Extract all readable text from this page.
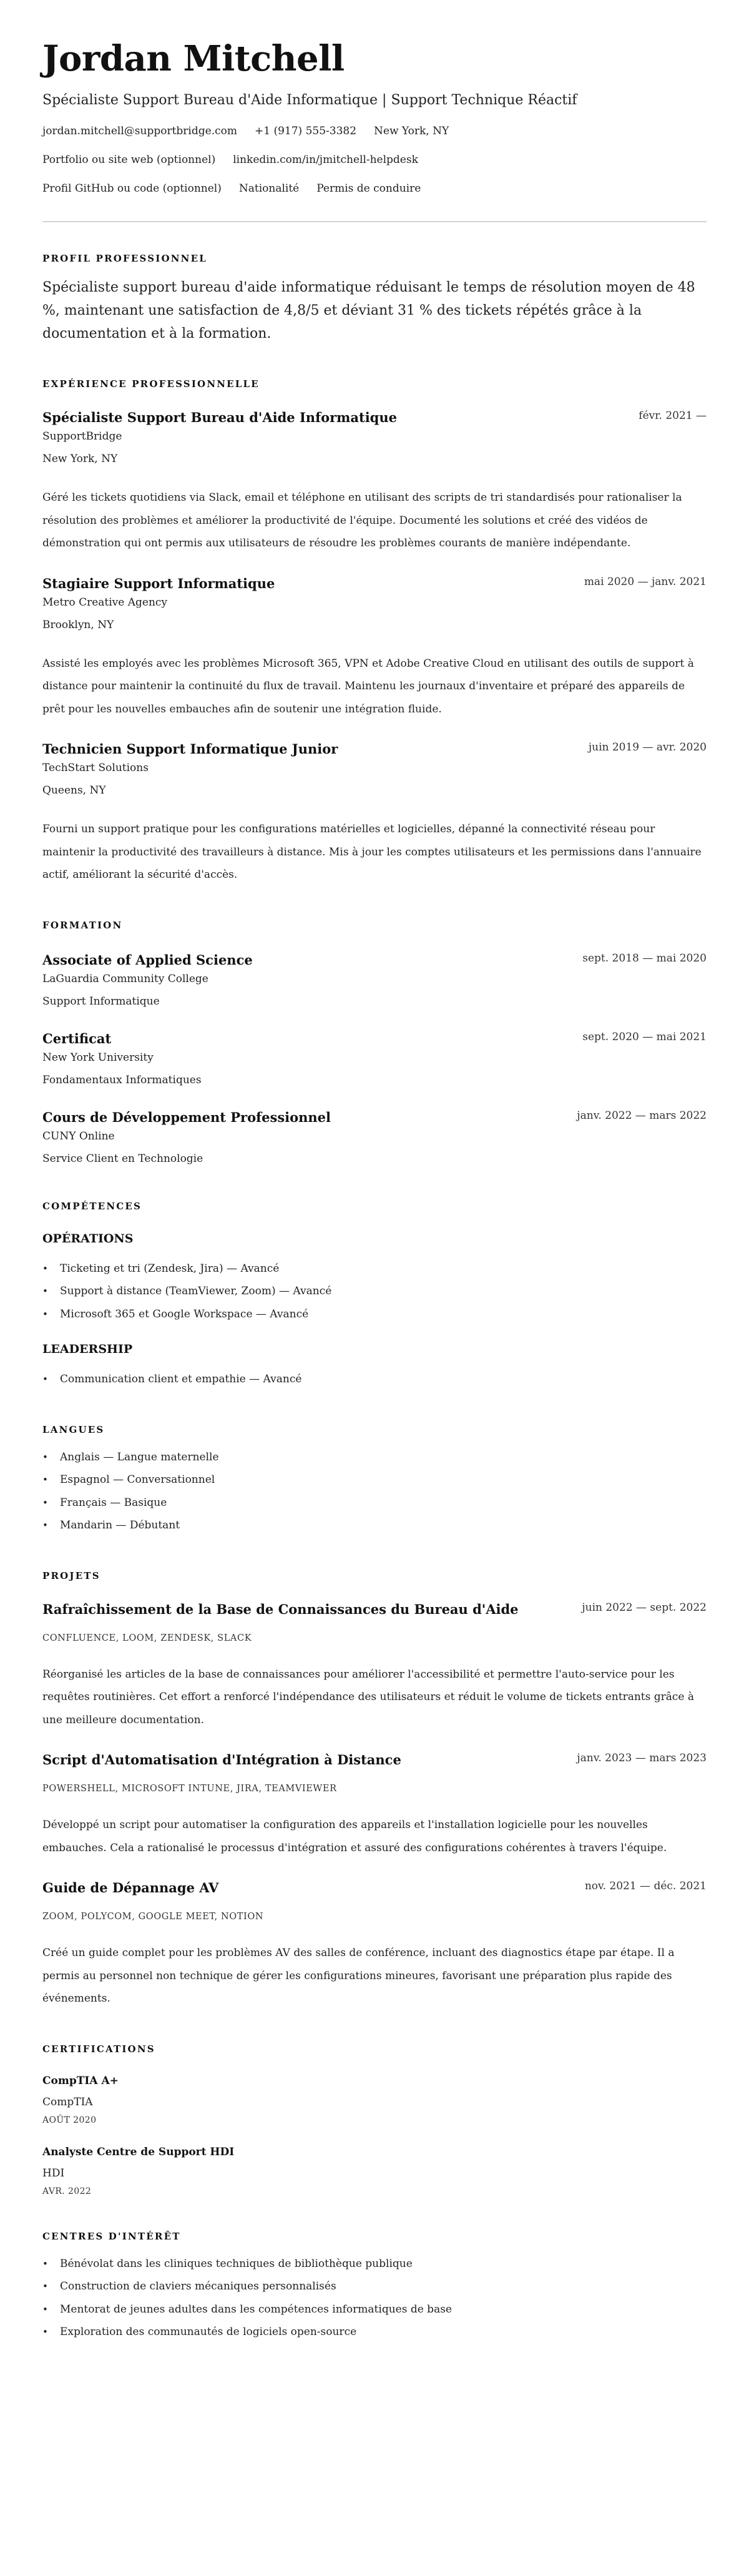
Jordan Mitchell
Spécialiste Support Bureau d'Aide Informatique | Support Technique Réactif
jordan.mitchell@supportbridge.com +1 (917) 555-3382 New York, NY
Portfolio ou site web (optionnel) linkedin.com/in/jmitchell-helpdesk
Profil GitHub ou code (optionnel) Nationalité Permis de conduire
PROFIL PROFESSIONNEL

Spécialiste support bureau d'aide informatique réduisant le temps de résolution moyen de 48 %, maintenant une satisfaction de 4,8/5 et déviant 31 % des tickets répétés grâce à la documentation et à la formation.

EXPÉRIENCE PROFESSIONNELLE
Spécialiste Support Bureau d'Aide Informatique	févr. 2021 —
SupportBridge
New York, NY

Géré les tickets quotidiens via Slack, email et téléphone en utilisant des scripts de tri standardisés pour rationaliser la résolution des problèmes et améliorer la productivité de l'équipe. Documenté les solutions et créé des vidéos de démonstration qui ont permis aux utilisateurs de résoudre les problèmes courants de manière indépendante.

Stagiaire Support Informatique	mai 2020 — janv. 2021
Metro Creative Agency
Brooklyn, NY

Assisté les employés avec les problèmes Microsoft 365, VPN et Adobe Creative Cloud en utilisant des outils de support à distance pour maintenir la continuité du flux de travail. Maintenu les journaux d'inventaire et préparé des appareils de prêt pour les nouvelles embauches afin de soutenir une intégration fluide.

Technicien Support Informatique Junior	juin 2019 — avr. 2020
TechStart Solutions
Queens, NY

Fourni un support pratique pour les configurations matérielles et logicielles, dépanné la connectivité réseau pour maintenir la productivité des travailleurs à distance. Mis à jour les comptes utilisateurs et les permissions dans l'annuaire actif, améliorant la sécurité d'accès.

FORMATION
Associate of Applied Science	sept. 2018 — mai 2020
LaGuardia Community College
Support Informatique
Certificat	sept. 2020 — mai 2021
New York University
Fondamentaux Informatiques
Cours de Développement Professionnel	janv. 2022 — mars 2022
CUNY Online
Service Client en Technologie
COMPÉTENCES
OPÉRATIONS
• Ticketing et tri (Zendesk, Jira) — Avancé
• Support à distance (TeamViewer, Zoom) — Avancé
• Microsoft 365 et Google Workspace — Avancé
LEADERSHIP
• Communication client et empathie — Avancé
LANGUES
• Anglais — Langue maternelle
• Espagnol — Conversationnel
• Français — Basique
• Mandarin — Débutant
PROJETS
Rafraîchissement de la Base de Connaissances du Bureau d'Aide	juin 2022 — sept. 2022
CONFLUENCE, LOOM, ZENDESK, SLACK

Réorganisé les articles de la base de connaissances pour améliorer l'accessibilité et permettre l'auto-service pour les requêtes routinières. Cet effort a renforcé l'indépendance des utilisateurs et réduit le volume de tickets entrants grâce à une meilleure documentation.

Script d'Automatisation d'Intégration à Distance	janv. 2023 — mars 2023
POWERSHELL, MICROSOFT INTUNE, JIRA, TEAMVIEWER

Développé un script pour automatiser la configuration des appareils et l'installation logicielle pour les nouvelles embauches. Cela a rationalisé le processus d'intégration et assuré des configurations cohérentes à travers l'équipe.

Guide de Dépannage AV	nov. 2021 — déc. 2021
ZOOM, POLYCOM, GOOGLE MEET, NOTION

Créé un guide complet pour les problèmes AV des salles de conférence, incluant des diagnostics étape par étape. Il a permis au personnel non technique de gérer les configurations mineures, favorisant une préparation plus rapide des événements.

CERTIFICATIONS
CompTIA A+
CompTIA
AOÛT 2020
Analyste Centre de Support HDI
HDI
AVR. 2022
CENTRES D'INTÉRÊT
• Bénévolat dans les cliniques techniques de bibliothèque publique
• Construction de claviers mécaniques personnalisés
• Mentorat de jeunes adultes dans les compétences informatiques de base
• Exploration des communautés de logiciels open-source
